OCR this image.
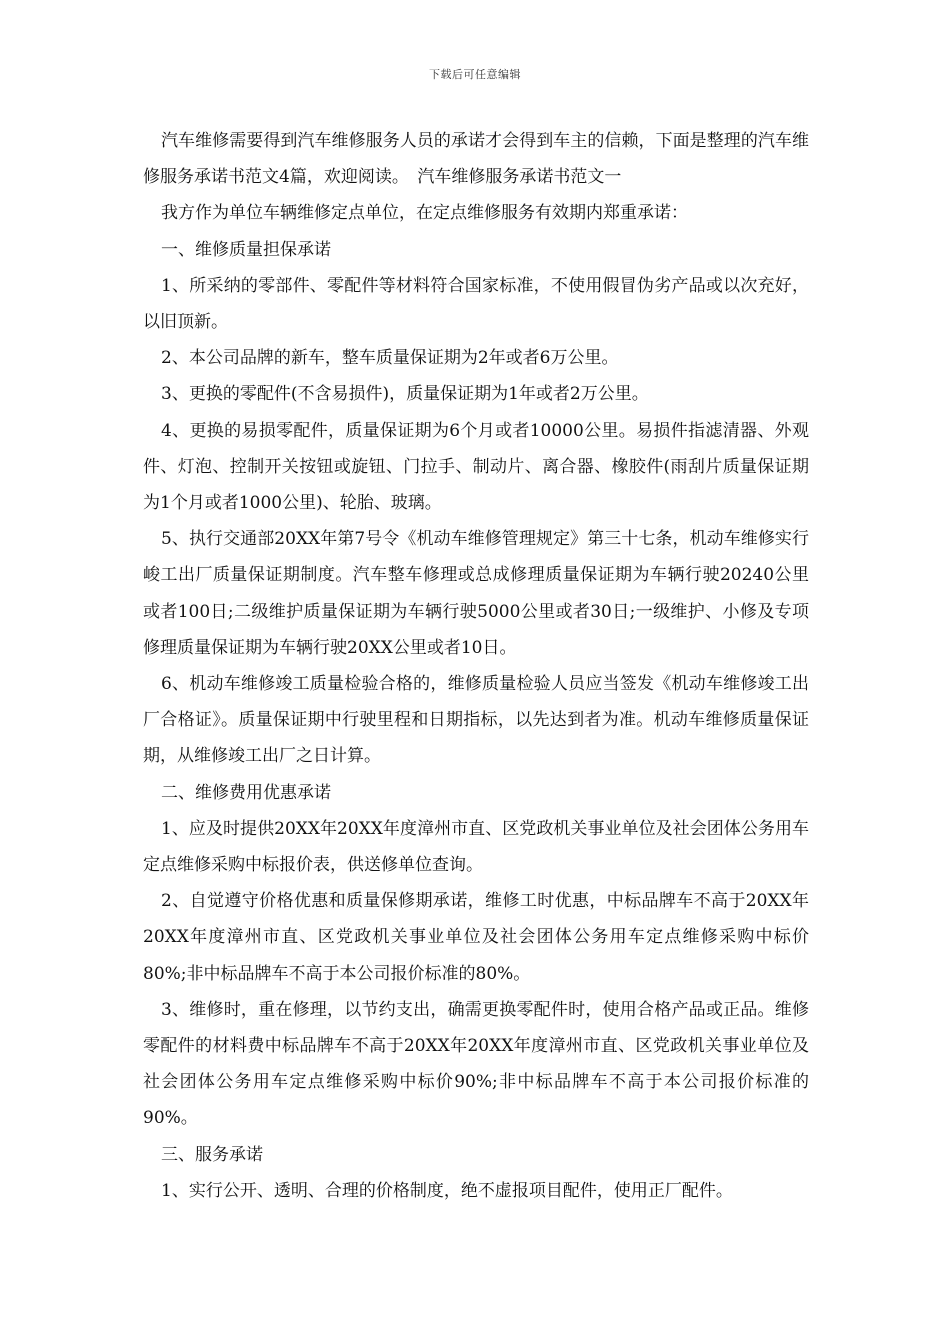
下载后可任意编辑

汽车维修需要得到汽车维修服务人员的承诺才会得到车主的信赖，下面是整理的汽车维修服务承诺书范文4篇，欢迎阅读。　汽车维修服务承诺书范文一

我方作为单位车辆维修定点单位，在定点维修服务有效期内郑重承诺：

一、维修质量担保承诺

1、所采纳的零部件、零配件等材料符合国家标准，不使用假冒伪劣产品或以次充好，以旧顶新。

2、本公司品牌的新车，整车质量保证期为2年或者6万公里。

3、更换的零配件(不含易损件)，质量保证期为1年或者2万公里。

4、更换的易损零配件，质量保证期为6个月或者10000公里。易损件指滤清器、外观件、灯泡、控制开关按钮或旋钮、门拉手、制动片、离合器、橡胶件(雨刮片质量保证期为1个月或者1000公里)、轮胎、玻璃。

5、执行交通部20XX年第7号令《机动车维修管理规定》第三十七条，机动车维修实行峻工出厂质量保证期制度。汽车整车修理或总成修理质量保证期为车辆行驶20240公里或者100日;二级维护质量保证期为车辆行驶5000公里或者30日;一级维护、小修及专项修理质量保证期为车辆行驶20XX公里或者10日。

6、机动车维修竣工质量检验合格的，维修质量检验人员应当签发《机动车维修竣工出厂合格证》。质量保证期中行驶里程和日期指标，以先达到者为准。机动车维修质量保证期，从维修竣工出厂之日计算。

二、维修费用优惠承诺

1、应及时提供20XX年20XX年度漳州市直、区党政机关事业单位及社会团体公务用车定点维修采购中标报价表，供送修单位查询。

2、自觉遵守价格优惠和质量保修期承诺，维修工时优惠，中标品牌车不高于20XX年20XX年度漳州市直、区党政机关事业单位及社会团体公务用车定点维修采购中标价80%;非中标品牌车不高于本公司报价标准的80%。

3、维修时，重在修理，以节约支出，确需更换零配件时，使用合格产品或正品。维修零配件的材料费中标品牌车不高于20XX年20XX年度漳州市直、区党政机关事业单位及社会团体公务用车定点维修采购中标价90%;非中标品牌车不高于本公司报价标准的90%。

三、服务承诺

1、实行公开、透明、合理的价格制度，绝不虚报项目配件，使用正厂配件。
